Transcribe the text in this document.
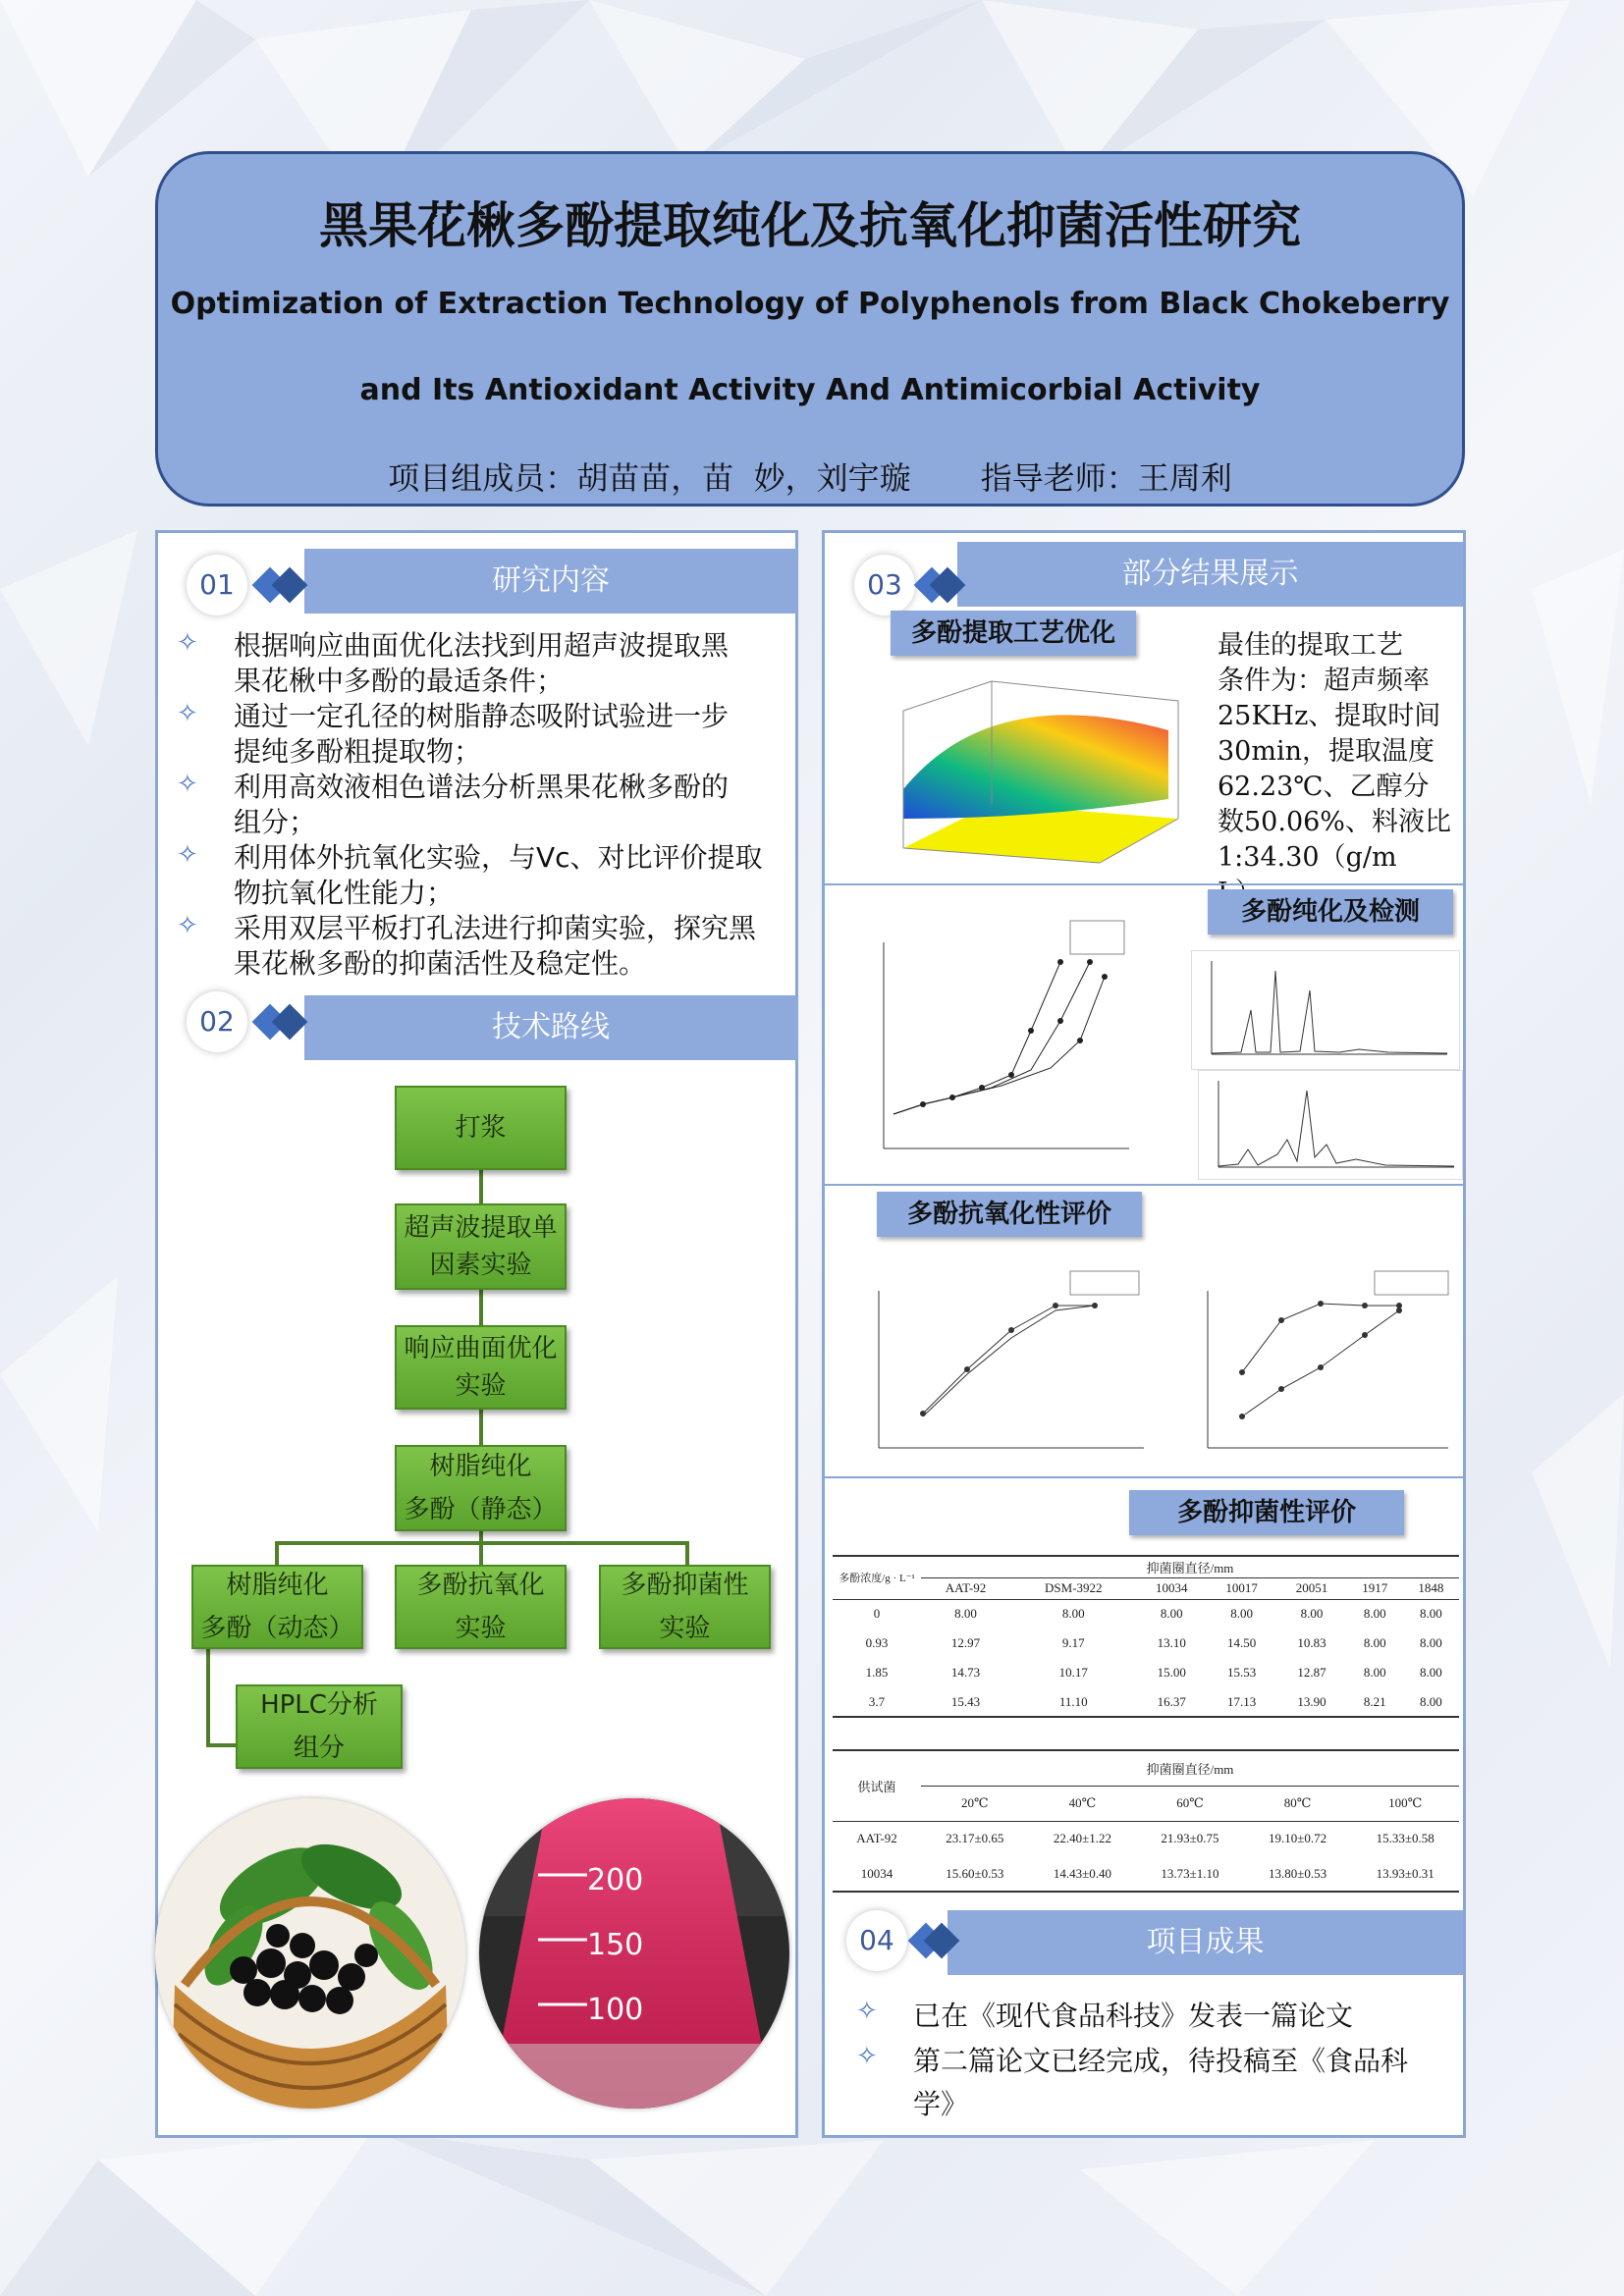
黑果花楸多酚提取纯化及抗氧化抑菌活性研究
Optimization of Extraction Technology of Polyphenols from Black Chokeberry
and Its Antioxidant Activity And Antimicorbial Activity
项目组成员：胡苗苗，苗  妙，刘宇璇       指导老师：王周利
研究内容
01
✧ 根据响应曲面优化法找到用超声波提取黑
果花楸中多酚的最适条件；
✧ 通过一定孔径的树脂静态吸附试验进一步
提纯多酚粗提取物；
✧ 利用高效液相色谱法分析黑果花楸多酚的
组分；
✧ 利用体外抗氧化实验，与Vc、对比评价提取
物抗氧化性能力；
✧ 采用双层平板打孔法进行抑菌实验，探究黑
果花楸多酚的抑菌活性及稳定性。
技术路线
02
打浆
超声波提取单
因素实验
响应曲面优化
实验
树脂纯化
多酚（静态）
树脂纯化
多酚（动态）
多酚抗氧化
实验
多酚抑菌性
实验
HPLC分析
组分
200
150
100
部分结果展示
03
多酚提取工艺优化	最佳的提取工艺
条件为：超声频率
25KHz、提取时间
30min，提取温度
62.23℃、乙醇分
数50.06%、料液比
1:34.30（g/m
多酚纯化及检测
多酚抗氧化性评价
多酚抑菌性评价
多酚浓度/g · L⁻¹	抑菌圈直径/mm						
	AAT-92	DSM-3922	10034	10017	20051	1917	1848
0	8.00	8.00	8.00	8.00	8.00	8.00	8.00
0.93	12.97	9.17	13.10	14.50	10.83	8.00	8.00
1.85	14.73	10.17	15.00	15.53	12.87	8.00	8.00
3.7	15.43	11.10	16.37	17.13	13.90	8.21	8.00
供试菌	抑菌圈直径/mm				
	20℃	40℃	60℃	80℃	100℃
AAT-92	23.17±0.65	22.40±1.22	21.93±0.75	19.10±0.72	15.33±0.58
10034	15.60±0.53	14.43±0.40	13.73±1.10	13.80±0.53	13.93±0.31
项目成果
04
✧ 已在《现代食品科技》发表一篇论文
✧ 第二篇论文已经完成，待投稿至《食品科
学》
